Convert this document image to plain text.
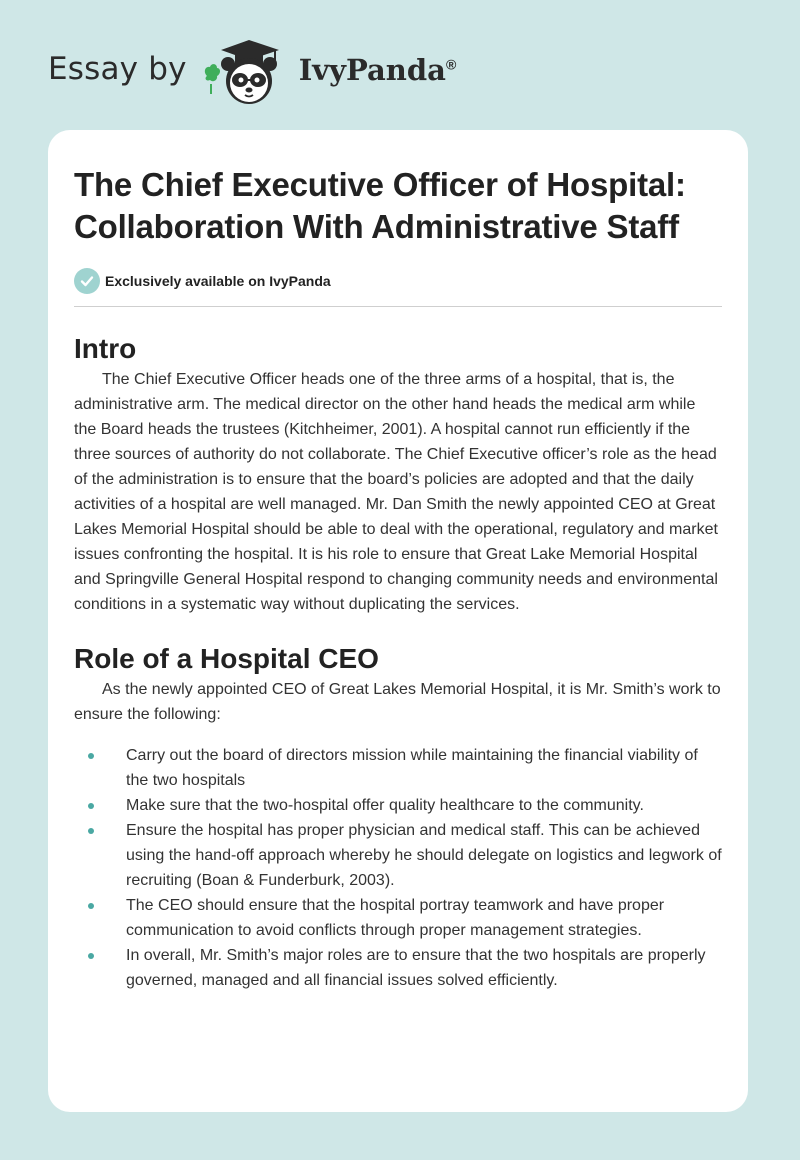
Essay by	IvyPanda®
The Chief Executive Officer of Hospital: Collaboration With Administrative Staff
Exclusively available on IvyPanda
Intro

The Chief Executive Officer heads one of the three arms of a hospital, that is, the administrative arm. The medical director on the other hand heads the medical arm while the Board heads the trustees (Kitchheimer, 2001). A hospital cannot run efficiently if the three sources of authority do not collaborate. The Chief Executive officer’s role as the head of the administration is to ensure that the board’s policies are adopted and that the daily activities of a hospital are well managed. Mr. Dan Smith the newly appointed CEO at Great Lakes Memorial Hospital should be able to deal with the operational, regulatory and market issues confronting the hospital. It is his role to ensure that Great Lake Memorial Hospital and Springville General Hospital respond to changing community needs and environmental conditions in a systematic way without duplicating the services.

Role of a Hospital CEO

As the newly appointed CEO of Great Lakes Memorial Hospital, it is Mr. Smith’s work to ensure the following:

Carry out the board of directors mission while maintaining the financial viability of the two hospitals
Make sure that the two-hospital offer quality healthcare to the community.
Ensure the hospital has proper physician and medical staff. This can be achieved using the hand-off approach whereby he should delegate on logistics and legwork of recruiting (Boan & Funderburk, 2003).
The CEO should ensure that the hospital portray teamwork and have proper communication to avoid conflicts through proper management strategies.
In overall, Mr. Smith’s major roles are to ensure that the two hospitals are properly governed, managed and all financial issues solved efficiently.
